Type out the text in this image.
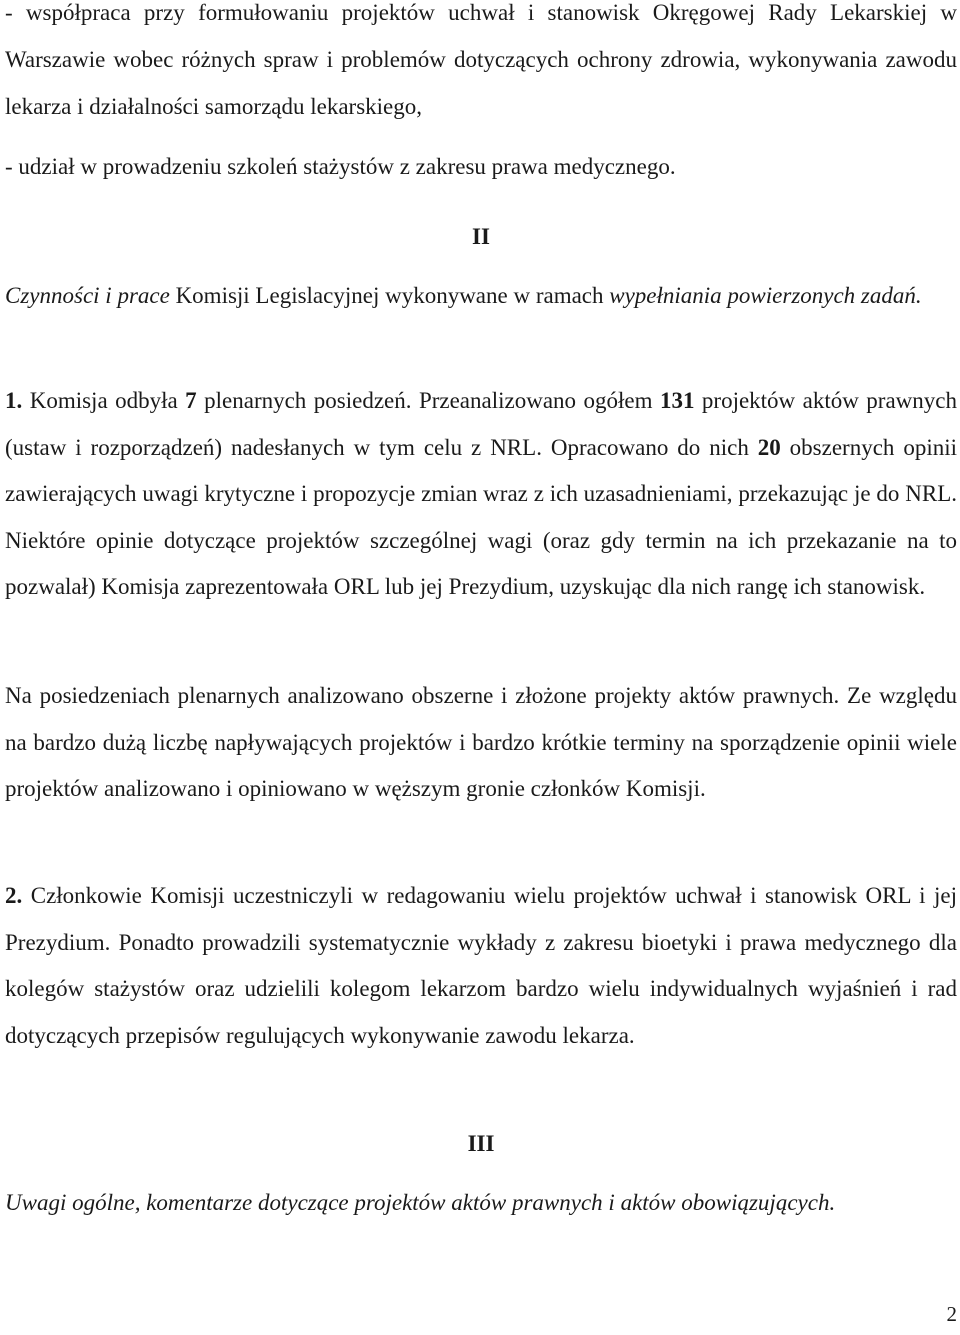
- współpraca przy formułowaniu projektów uchwał i stanowisk Okręgowej Rady Lekarskiej w Warszawie wobec różnych spraw i problemów dotyczących ochrony zdrowia, wykonywania zawodu lekarza i działalności samorządu lekarskiego,

- udział w prowadzeniu szkoleń stażystów z zakresu prawa medycznego.

II

Czynności i prace Komisji Legislacyjnej wykonywane w ramach wypełniania powierzonych zadań.

1. Komisja odbyła 7 plenarnych posiedzeń. Przeanalizowano ogółem 131 projektów aktów prawnych (ustaw i rozporządzeń) nadesłanych w tym celu z NRL. Opracowano do nich 20 obszernych opinii zawierających uwagi krytyczne i propozycje zmian wraz z ich uzasadnieniami, przekazując je do NRL. Niektóre opinie dotyczące projektów szczególnej wagi (oraz gdy termin na ich przekazanie na to pozwalał) Komisja zaprezentowała ORL lub jej Prezydium, uzyskując dla nich rangę ich stanowisk.

Na posiedzeniach plenarnych analizowano obszerne i złożone projekty aktów prawnych. Ze względu na bardzo dużą liczbę napływających projektów i bardzo krótkie terminy na sporządzenie opinii wiele projektów analizowano i opiniowano w węższym gronie członków Komisji.

2. Członkowie Komisji uczestniczyli w redagowaniu wielu projektów uchwał i stanowisk ORL i jej Prezydium. Ponadto prowadzili systematycznie wykłady z zakresu bioetyki i prawa medycznego dla kolegów stażystów oraz udzielili kolegom lekarzom bardzo wielu indywidualnych wyjaśnień i rad dotyczących przepisów regulujących wykonywanie zawodu lekarza.

III

Uwagi ogólne, komentarze dotyczące projektów aktów prawnych i aktów obowiązujących.

2
